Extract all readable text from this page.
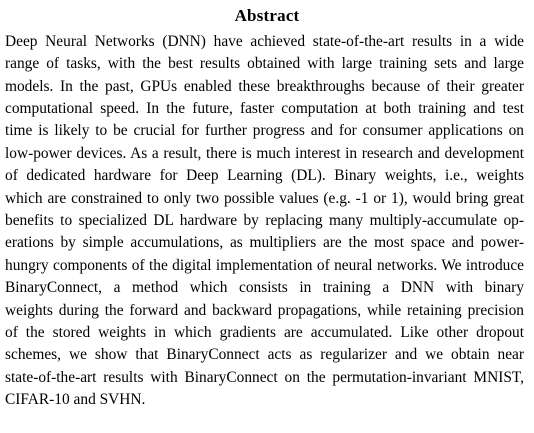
Abstract
Deep Neural Networks (DNN) have achieved state-of-the-art results in a wide
range of tasks, with the best results obtained with large training sets and large
models. In the past, GPUs enabled these breakthroughs because of their greater
computational speed. In the future, faster computation at both training and test
time is likely to be crucial for further progress and for consumer applications on
low-power devices. As a result, there is much interest in research and development
of dedicated hardware for Deep Learning (DL). Binary weights, i.e., weights
which are constrained to only two possible values (e.g. -1 or 1), would bring great
benefits to specialized DL hardware by replacing many multiply-accumulate op-
erations by simple accumulations, as multipliers are the most space and power-
hungry components of the digital implementation of neural networks. We introduce
BinaryConnect, a method which consists in training a DNN with binary
weights during the forward and backward propagations, while retaining precision
of the stored weights in which gradients are accumulated. Like other dropout
schemes, we show that BinaryConnect acts as regularizer and we obtain near
state-of-the-art results with BinaryConnect on the permutation-invariant MNIST,
CIFAR-10 and SVHN.
